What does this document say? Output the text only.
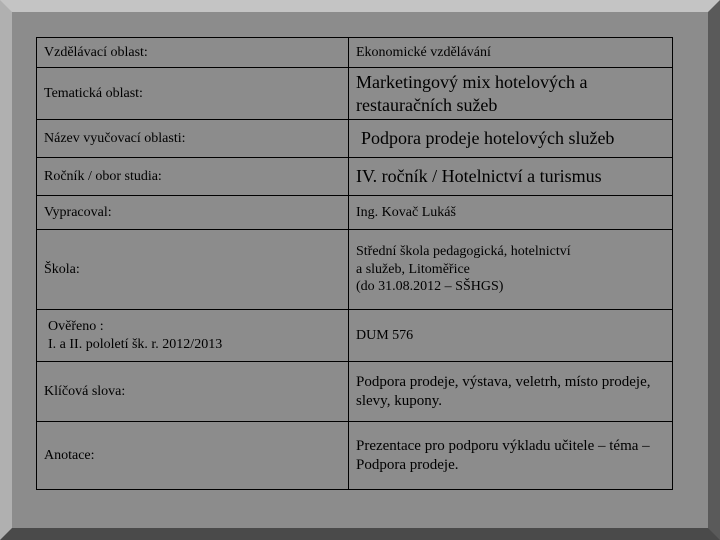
Vzdělávací oblast:	Ekonomické vzdělávání
Tematická oblast:	Marketingový mix hotelových a restauračních sužeb
Název vyučovací oblasti:	Podpora prodeje hotelových služeb
Ročník / obor studia:	IV. ročník / Hotelnictví a turismus
Vypracoval:	Ing. Kovač Lukáš
Škola:	Střední škola pedagogická, hotelnictví
a služeb, Litoměřice
(do 31.08.2012 – SŠHGS)

Ověřeno :
I. a II. pololetí šk. r. 2012/2013	DUM 576
Klíčová slova:	Podpora prodeje, výstava, veletrh, místo prodeje, slevy, kupony.
Anotace:	Prezentace pro podporu výkladu učitele – téma – Podpora prodeje.
